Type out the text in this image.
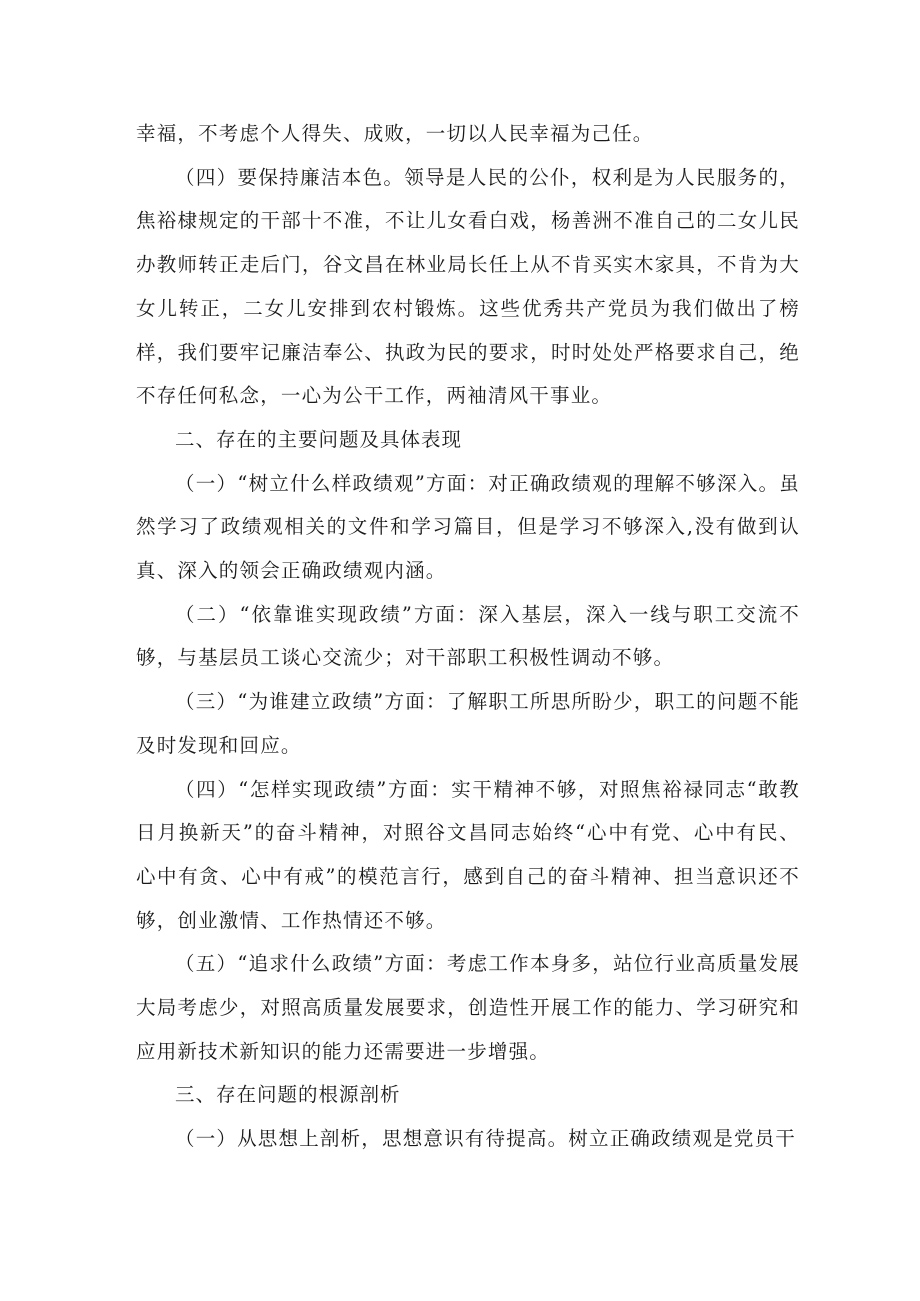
幸福，不考虑个人得失、成败，一切以人民幸福为己任。

（四）要保持廉洁本色。领导是人民的公仆，权利是为人民服务的，焦裕棣规定的干部十不准，不让儿女看白戏，杨善洲不准自己的二女儿民办教师转正走后门，谷文昌在林业局长任上从不肯买实木家具，不肯为大女儿转正，二女儿安排到农村锻炼。这些优秀共产党员为我们做出了榜样，我们要牢记廉洁奉公、执政为民的要求，时时处处严格要求自己，绝不存任何私念，一心为公干工作，两袖清风干事业。

二、存在的主要问题及具体表现

（一）“树立什么样政绩观”方面：对正确政绩观的理解不够深入。虽然学习了政绩观相关的文件和学习篇目，但是学习不够深入,没有做到认真、深入的领会正确政绩观内涵。

（二）“依靠谁实现政绩”方面：深入基层，深入一线与职工交流不够，与基层员工谈心交流少；对干部职工积极性调动不够。

（三）“为谁建立政绩”方面：了解职工所思所盼少，职工的问题不能及时发现和回应。

（四）“怎样实现政绩”方面：实干精神不够，对照焦裕禄同志“敢教日月换新天”的奋斗精神，对照谷文昌同志始终“心中有党、心中有民、心中有贪、心中有戒”的模范言行，感到自己的奋斗精神、担当意识还不够，创业激情、工作热情还不够。

（五）“追求什么政绩”方面：考虑工作本身多，站位行业高质量发展大局考虑少，对照高质量发展要求，创造性开展工作的能力、学习研究和应用新技术新知识的能力还需要进一步增强。

三、存在问题的根源剖析

（一）从思想上剖析，思想意识有待提高。树立正确政绩观是党员干
